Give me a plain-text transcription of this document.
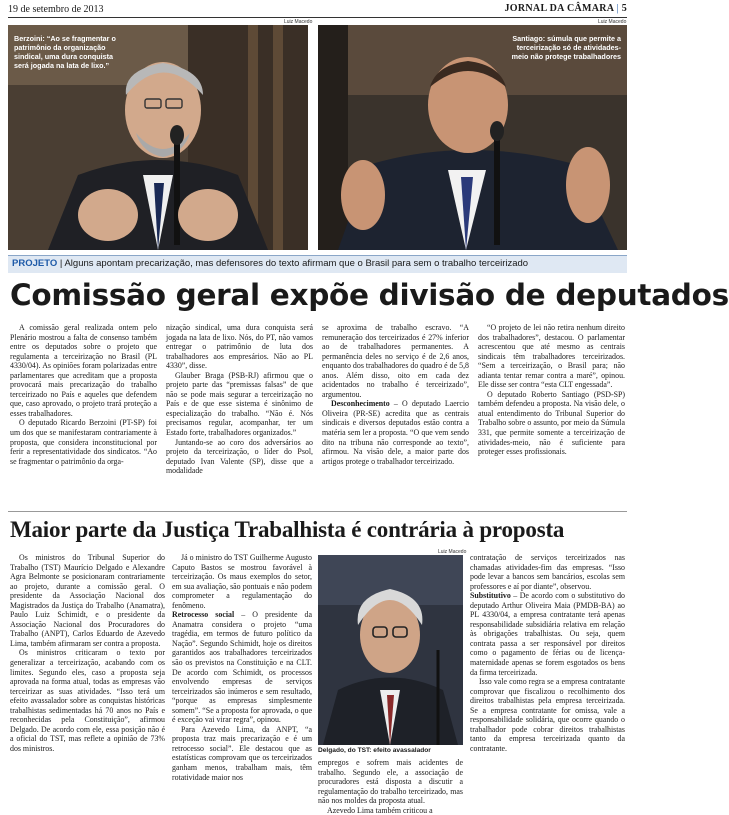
19 de setembro de 2013	JORNAL DA CÂMARA | 5
Luiz Macedo	Luiz Macedo
Berzoini: “Ao se fragmentar o patrimônio da organização sindical, uma dura conquista será jogada na lata de lixo.”
Santiago: súmula que permite a terceirização só de atividades-meio não protege trabalhadores
PROJETO | Alguns apontam precarização, mas defensores do texto afirmam que o Brasil para sem o trabalho terceirizado
Comissão geral expõe divisão de deputados

A comissão geral realizada ontem pelo Plenário mostrou a falta de consenso também entre os deputados sobre o projeto que regulamenta a terceirização no Brasil (PL 4330/04). As opiniões foram polarizadas entre parlamentares que acreditam que a proposta provocará mais precarização do trabalho terceirizado no País e aqueles que defendem que, caso aprovado, o projeto trará proteção a esses trabalhadores.

O deputado Ricardo Berzoini (PT-SP) foi um dos que se manifestaram contrariamente à proposta, que considera inconstitucional por ferir a representatividade dos sindicatos. “Ao se fragmentar o patrimônio da orga-

nização sindical, uma dura conquista será jogada na lata de lixo. Nós, do PT, não vamos entregar o patrimônio de luta dos trabalhadores aos empresários. Não ao PL 4330”, disse.

Glauber Braga (PSB-RJ) afirmou que o projeto parte das “premissas falsas” de que não se pode mais segurar a terceirização no País e de que esse sistema é sinônimo de especialização do trabalho. “Não é. Nós precisamos regular, acompanhar, ter um Estado forte, trabalhadores organizados.”

Juntando-se ao coro dos adversários ao projeto da terceirização, o líder do Psol, deputado Ivan Valente (SP), disse que a modalidade

se aproxima de trabalho escravo. “A remuneração dos terceirizados é 27% inferior ao de trabalhadores permanentes. A permanência deles no serviço é de 2,6 anos, enquanto dos trabalhadores do quadro é de 5,8 anos. Além disso, oito em cada dez acidentados no trabalho é terceirizado”, argumentou.

Desconhecimento – O deputado Laercio Oliveira (PR-SE) acredita que as centrais sindicais e diversos deputados estão contra a matéria sem ler a proposta. “O que vem sendo dito na tribuna não corresponde ao texto”, afirmou. Na visão dele, a maior parte dos artigos protege o trabalhador terceirizado.

“O projeto de lei não retira nenhum direito dos trabalhadores”, destacou. O parlamentar acrescentou que até mesmo as centrais sindicais têm trabalhadores terceirizados. “Sem a terceirização, o Brasil para; não adianta tentar remar contra a maré”, opinou. Ele disse ser contra “esta CLT engessada”.

O deputado Roberto Santiago (PSD-SP) também defendeu a proposta. Na visão dele, o atual entendimento do Tribunal Superior do Trabalho sobre o assunto, por meio da Súmula 331, que permite somente a terceirização de atividades-meio, não é suficiente para proteger esses profissionais.

Maior parte da Justiça Trabalhista é contrária à proposta

Os ministros do Tribunal Superior do Trabalho (TST) Maurício Delgado e Alexandre Agra Belmonte se posicionaram contrariamente ao projeto, durante a comissão geral. O presidente da Associação Nacional dos Magistrados da Justiça do Trabalho (Anamatra), Paulo Luiz Schimidt, e o presidente da Associação Nacional dos Procuradores do Trabalho (ANPT), Carlos Eduardo de Azevedo Lima, também afirmaram ser contra a proposta.

Os ministros criticaram o texto por generalizar a terceirização, acabando com os limites. Segundo eles, caso a proposta seja aprovada na forma atual, todas as empresas vão terceirizar as suas atividades. “Isso terá um efeito avassalador sobre as conquistas históricas trabalhistas sedimentadas há 70 anos no País e reconhecidas pela Constituição”, afirmou Delgado. De acordo com ele, essa posição não é a oficial do TST, mas reflete a opinião de 73% dos ministros.

Já o ministro do TST Guilherme Augusto Caputo Bastos se mostrou favorável à terceirização. Os maus exemplos do setor, em sua avaliação, são pontuais e não podem comprometer a regulamentação do fenômeno.

Retrocesso social – O presidente da Anamatra considera o projeto “uma tragédia, em termos de futuro político da Nação”. Segundo Schimidt, hoje os direitos garantidos aos trabalhadores terceirizados são os previstos na Constituição e na CLT. De acordo com Schimidt, os processos envolvendo empresas de serviços terceirizados são inúmeros e sem resultado, “porque as empresas simplesmente somem”. “Se a proposta for aprovada, o que é exceção vai virar regra”, opinou.

Para Azevedo Lima, da ANPT, “a proposta traz mais precarização e é um retrocesso social”. Ele destacou que as estatísticas comprovam que os terceirizados ganham menos, trabalham mais, têm rotatividade maior nos

Luiz Macedo
Delgado, do TST: efeito avassalador

empregos e sofrem mais acidentes de trabalho. Segundo ele, a associação de procuradores está disposta a discutir a regulamentação do trabalho terceirizado, mas não nos moldes da proposta atual.

Azevedo Lima também criticou a

contratação de serviços terceirizados nas chamadas atividades-fim das empresas. “Isso pode levar a bancos sem bancários, escolas sem professores e aí por diante”, observou.

Substitutivo – De acordo com o substitutivo do deputado Arthur Oliveira Maia (PMDB-BA) ao PL 4330/04, a empresa contratante terá apenas responsabilidade subsidiária relativa em relação às obrigações trabalhistas. Ou seja, quem contrata passa a ser responsável por direitos como o pagamento de férias ou de licença-maternidade apenas se forem esgotados os bens da firma terceirizada.

Isso vale como regra se a empresa contratante comprovar que fiscalizou o recolhimento dos direitos trabalhistas pela empresa terceirizada. Se a empresa contratante for omissa, vale a responsabilidade solidária, que ocorre quando o trabalhador pode cobrar direitos trabalhistas tanto da empresa terceirizada quanto da contratante.
